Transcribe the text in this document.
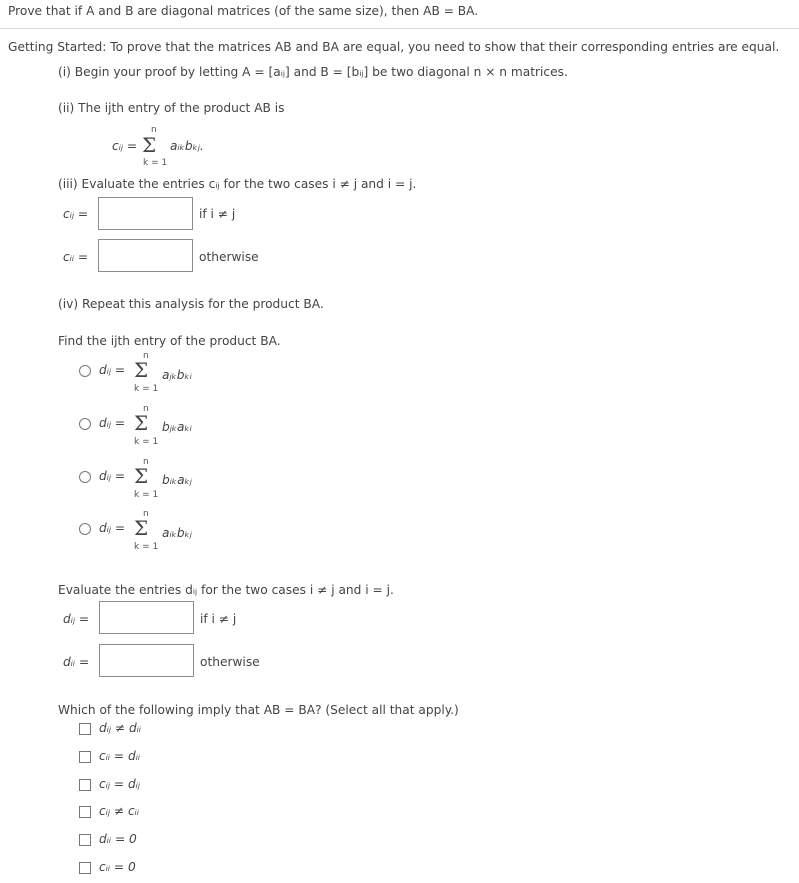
Prove that if A and B are diagonal matrices (of the same size), then AB = BA.
Getting Started: To prove that the matrices AB and BA are equal, you need to show that their corresponding entries are equal.
(i) Begin your proof by letting A = [aᵢⱼ] and B = [bᵢⱼ] be two diagonal n × n matrices.
(ii) The ijth entry of the product AB is
cᵢⱼ =
n
Σ
k = 1
aᵢₖbₖⱼ.
(iii) Evaluate the entries cᵢⱼ for the two cases i ≠ j and i = j.
cᵢⱼ =	if i ≠ j
cᵢᵢ =	otherwise
(iv) Repeat this analysis for the product BA.
Find the ijth entry of the product BA.
dᵢⱼ =
n
Σ
k = 1
aⱼₖbₖᵢ
dᵢⱼ =
n
Σ
k = 1
bⱼₖaₖᵢ
dᵢⱼ =
n
Σ
k = 1
bᵢₖaₖⱼ
dᵢⱼ =
n
Σ
k = 1
aᵢₖbₖⱼ
Evaluate the entries dᵢⱼ for the two cases i ≠ j and i = j.
dᵢⱼ =	if i ≠ j
dᵢᵢ =	otherwise
Which of the following imply that AB = BA? (Select all that apply.)
dᵢⱼ ≠ dᵢᵢ
cᵢᵢ = dᵢᵢ
cᵢⱼ = dᵢⱼ
cᵢⱼ ≠ cᵢᵢ
dᵢᵢ = 0
cᵢᵢ = 0
